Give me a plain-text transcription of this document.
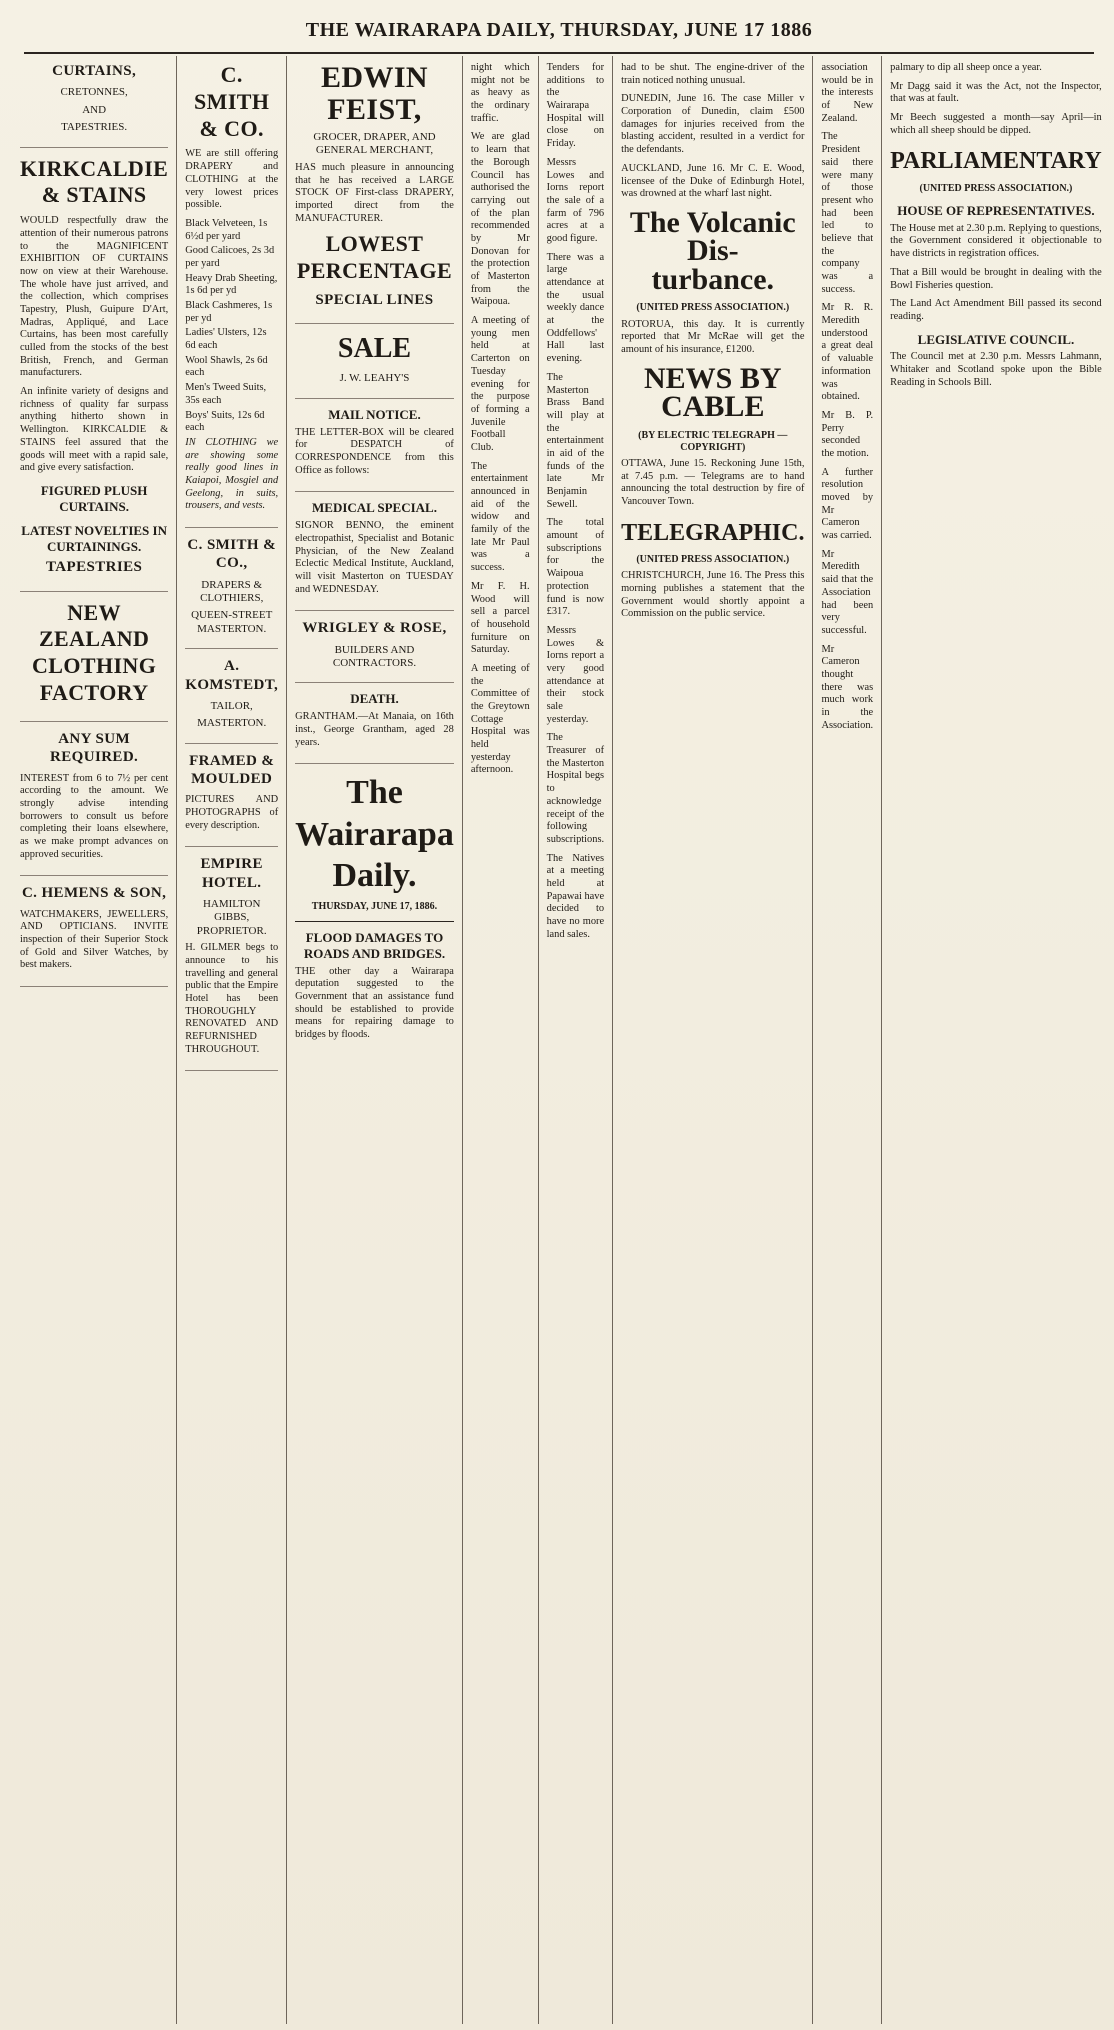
THE WAIRARAPA DAILY, THURSDAY, JUNE 17 1886
CURTAINS,
CRETONNES,
AND
TAPESTRIES.
KIRKCALDIE & STAINS

WOULD respectfully draw the attention of their numerous patrons to the MAGNIFICENT EXHIBITION OF CURTAINS now on view at their Warehouse. The whole have just arrived, and the collection, which comprises Tapestry, Plush, Guipure D'Art, Madras, Appliqué, and Lace Curtains, has been most carefully culled from the stocks of the best British, French, and German manufacturers.

An infinite variety of designs and richness of quality far surpass anything hitherto shown in Wellington. KIRKCALDIE & STAINS feel assured that the goods will meet with a rapid sale, and give every satisfaction.

FIGURED PLUSH CURTAINS.
LATEST NOVELTIES IN CURTAININGS.
TAPESTRIES
NEW ZEALAND CLOTHING FACTORY
ANY SUM REQUIRED.

INTEREST from 6 to 7½ per cent according to the amount. We strongly advise intending borrowers to consult us before completing their loans elsewhere, as we make prompt advances on approved securities.

C. HEMENS & SON,

WATCHMAKERS, JEWELLERS, AND OPTICIANS. INVITE inspection of their Superior Stock of Gold and Silver Watches, by best makers.

C. SMITH & CO.

WE are still offering DRAPERY and CLOTHING at the very lowest prices possible.

Black Velveteen, 1s 6½d per yard
Good Calicoes, 2s 3d per yard
Heavy Drab Sheeting, 1s 6d per yd
Black Cashmeres, 1s per yd
Ladies' Ulsters, 12s 6d each
Wool Shawls, 2s 6d each
Men's Tweed Suits, 35s each
Boys' Suits, 12s 6d each

IN CLOTHING we are showing some really good lines in Kaiapoi, Mosgiel and Geelong, in suits, trousers, and vests.

C. SMITH & CO.,
DRAPERS & CLOTHIERS,
QUEEN-STREET MASTERTON.
A. KOMSTEDT,
TAILOR,
MASTERTON.
FRAMED & MOULDED

PICTURES AND PHOTOGRAPHS of every description.

EMPIRE HOTEL.
HAMILTON GIBBS, PROPRIETOR.

H. GILMER begs to announce to his travelling and general public that the Empire Hotel has been THOROUGHLY RENOVATED AND REFURNISHED THROUGHOUT.

EDWIN FEIST,
GROCER, DRAPER, AND GENERAL MERCHANT,

HAS much pleasure in announcing that he has received a LARGE STOCK OF First-class DRAPERY, imported direct from the MANUFACTURER.

LOWEST PERCENTAGE
SPECIAL LINES
SALE
J. W. LEAHY'S
MAIL NOTICE.

THE LETTER-BOX will be cleared for DESPATCH of CORRESPONDENCE from this Office as follows:

MEDICAL SPECIAL.

SIGNOR BENNO, the eminent electropathist, Specialist and Botanic Physician, of the New Zealand Eclectic Medical Institute, Auckland, will visit Masterton on TUESDAY and WEDNESDAY.

WRIGLEY & ROSE,
BUILDERS AND CONTRACTORS.
DEATH.

GRANTHAM.—At Manaia, on 16th inst., George Grantham, aged 28 years.

The Wairarapa Daily.
THURSDAY, JUNE 17, 1886.
FLOOD DAMAGES TO ROADS AND BRIDGES.

THE other day a Wairarapa deputation suggested to the Government that an assistance fund should be established to provide means for repairing damage to bridges by floods.

night which might not be as heavy as the ordinary traffic.

We are glad to learn that the Borough Council has authorised the carrying out of the plan recommended by Mr Donovan for the protection of Masterton from the Waipoua.

A meeting of young men held at Carterton on Tuesday evening for the purpose of forming a Juvenile Football Club.

The entertainment announced in aid of the widow and family of the late Mr Paul was a success.

Mr F. H. Wood will sell a parcel of household furniture on Saturday.

A meeting of the Committee of the Greytown Cottage Hospital was held yesterday afternoon.

Tenders for additions to the Wairarapa Hospital will close on Friday.

Messrs Lowes and Iorns report the sale of a farm of 796 acres at a good figure.

There was a large attendance at the usual weekly dance at the Oddfellows' Hall last evening.

The Masterton Brass Band will play at the entertainment in aid of the funds of the late Mr Benjamin Sewell.

The total amount of subscriptions for the Waipoua protection fund is now £317.

Messrs Lowes & Iorns report a very good attendance at their stock sale yesterday.

The Treasurer of the Masterton Hospital begs to acknowledge receipt of the following subscriptions.

The Natives at a meeting held at Papawai have decided to have no more land sales.

had to be shut. The engine-driver of the train noticed nothing unusual.

DUNEDIN, June 16. The case Miller v Corporation of Dunedin, claim £500 damages for injuries received from the blasting accident, resulted in a verdict for the defendants.

AUCKLAND, June 16. Mr C. E. Wood, licensee of the Duke of Edinburgh Hotel, was drowned at the wharf last night.

The Volcanic Dis-
turbance.
(UNITED PRESS ASSOCIATION.)

ROTORUA, this day. It is currently reported that Mr McRae will get the amount of his insurance, £1200.

NEWS BY CABLE
(BY ELECTRIC TELEGRAPH — COPYRIGHT)

OTTAWA, June 15. Reckoning June 15th, at 7.45 p.m. — Telegrams are to hand announcing the total destruction by fire of Vancouver Town.

TELEGRAPHIC.
(UNITED PRESS ASSOCIATION.)

CHRISTCHURCH, June 16. The Press this morning publishes a statement that the Government would shortly appoint a Commission on the public service.

association would be in the interests of New Zealand.

The President said there were many of those present who had been led to believe that the company was a success.

Mr R. R. Meredith understood a great deal of valuable information was obtained.

Mr B. P. Perry seconded the motion.

A further resolution moved by Mr Cameron was carried.

Mr Meredith said that the Association had been very successful.

Mr Cameron thought there was much work in the Association.

palmary to dip all sheep once a year.

Mr Dagg said it was the Act, not the Inspector, that was at fault.

Mr Beech suggested a month—say April—in which all sheep should be dipped.

PARLIAMENTARY
(UNITED PRESS ASSOCIATION.)
HOUSE OF REPRESENTATIVES.

The House met at 2.30 p.m. Replying to questions, the Government considered it objectionable to have districts in registration offices.

That a Bill would be brought in dealing with the Bowl Fisheries question.

The Land Act Amendment Bill passed its second reading.

LEGISLATIVE COUNCIL.

The Council met at 2.30 p.m. Messrs Lahmann, Whitaker and Scotland spoke upon the Bible Reading in Schools Bill.
